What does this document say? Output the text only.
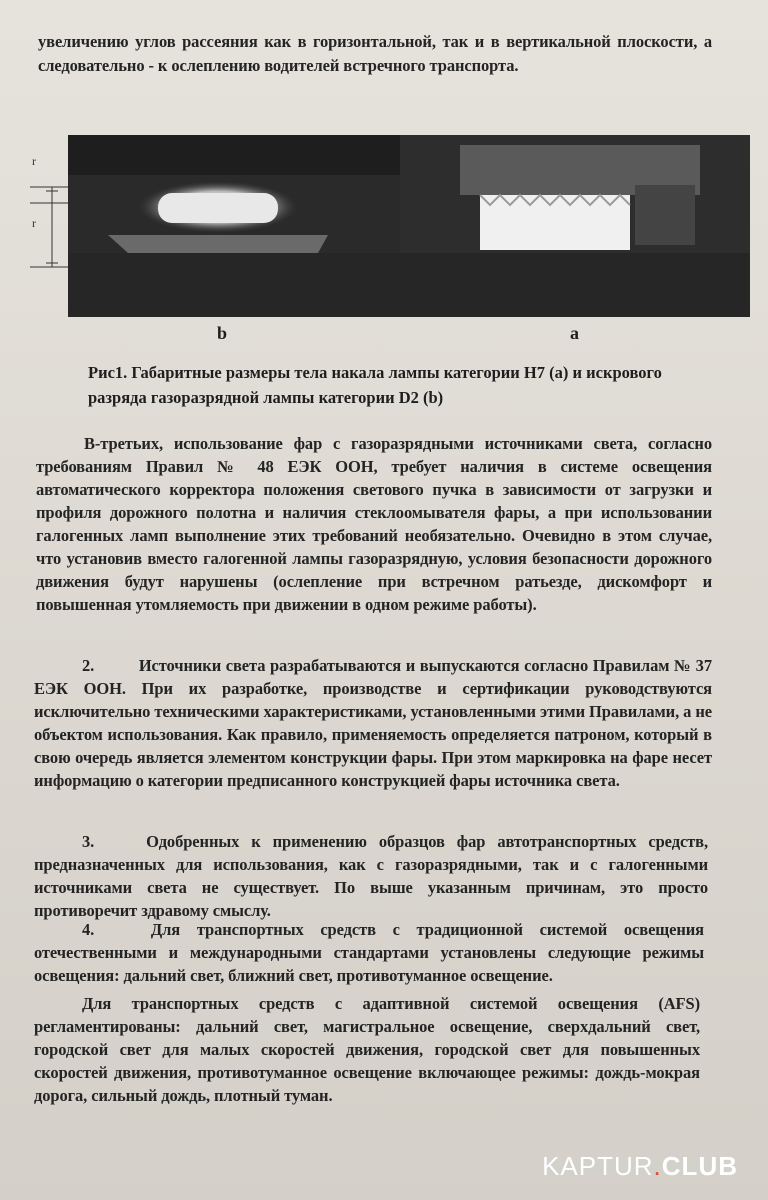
увеличению углов рассеяния как в горизонтальной, так и в вертикальной плоскости, а следовательно - к ослеплению водителей встречного транспорта.
r
r
b	a
Рис1. Габаритные размеры тела накала лампы категории Н7 (а) и искрового разряда газоразрядной лампы категории D2 (b)
В-третьих, использование фар с газоразрядными источниками света, согласно требованиям Правил № 48 ЕЭК ООН, требует наличия в системе освещения автоматического корректора положения светового пучка в зависимости от загрузки и профиля дорожного полотна и наличия стеклоомывателя фары, а при использовании галогенных ламп выполнение этих требований необязательно. Очевидно в этом случае, что установив вместо галогенной лампы газоразрядную, условия безопасности дорожного движения будут нарушены (ослепление при встречном ратьезде, дискомфорт и повышенная утомляемость при движении в одном режиме работы).
2.	Источники света разрабатываются и выпускаются согласно Правилам № 37 ЕЭК ООН. При их разработке, производстве и сертификации руководствуются исключительно техническими характеристиками, установленными этими Правилами, а не объектом использования. Как правило, применяемость определяется патроном, который в свою очередь является элементом конструкции фары. При этом маркировка на фаре несет информацию о категории предписанного конструкцией фары источника света.
3.	Одобренных к применению образцов фар автотранспортных средств, предназначенных для использования, как с газоразрядными, так и с галогенными источниками света не существует. По выше указанным причинам, это просто противоречит здравому смыслу.
4.	Для транспортных средств с традиционной системой освещения отечественными и международными стандартами установлены следующие режимы освещения: дальний свет, ближний свет, противотуманное освещение.
Для транспортных средств с адаптивной системой освещения (AFS) регламентированы: дальний свет, магистральное освещение, сверхдальний свет, городской свет для малых скоростей движения, городской свет для повышенных скоростей движения, противотуманное освещение включающее режимы: дождь-мокрая дорога, сильный дождь, плотный туман.
KAPTUR.CLUB
